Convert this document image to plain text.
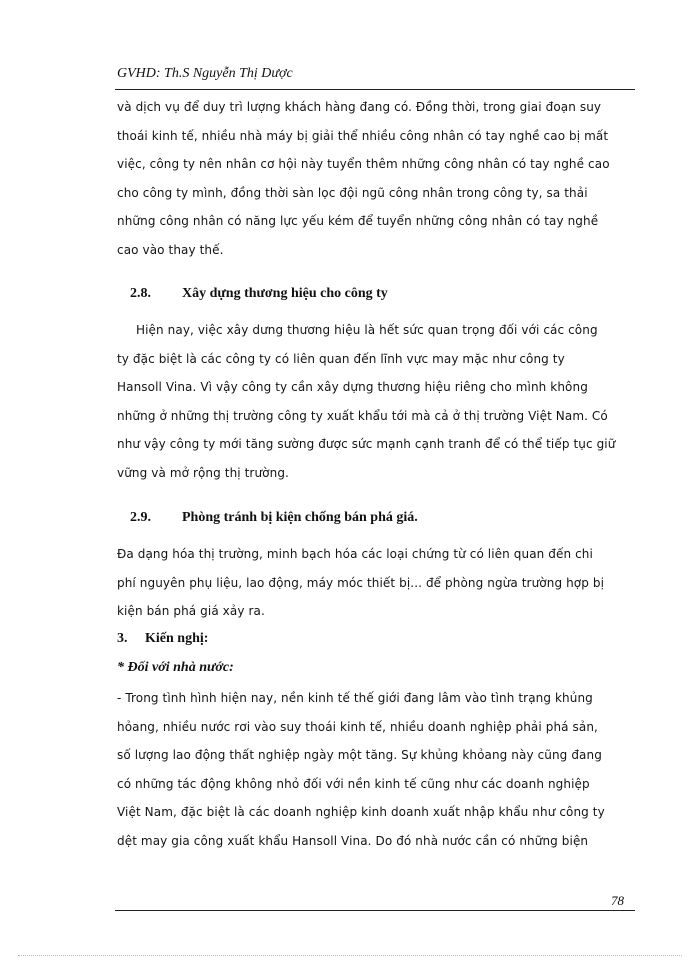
GVHD: Th.S Nguyễn Thị Dược
và dịch vụ để duy trì lượng khách hàng đang có. Đồng thời, trong giai đoạn suy
thoái kinh tế, nhiều nhà máy bị giải thể nhiều công nhân có tay nghề cao bị mất
việc, công ty nên nhân cơ hội này tuyển thêm những công nhân có tay nghề cao
cho công ty mình, đồng thời sàn lọc đội ngũ công nhân trong công ty, sa thải
những công nhân có năng lực yếu kém để tuyển những công nhân có tay nghề
cao vào thay thế.
2.8. Xây dựng thương hiệu cho công ty
Hiện nay, việc xây dưng thương hiệu là hết sức quan trọng đối với các công
ty đặc biệt là các công ty có liên quan đến lĩnh vực may mặc như công ty
Hansoll Vina. Vì vậy công ty cần xây dựng thương hiệu riêng cho mình không
những ở những thị trường công ty xuất khẩu tới mà cả ở thị trường Việt Nam. Có
như vậy công ty mới tăng sường được sức mạnh cạnh tranh để có thể tiếp tục giữ
vững và mở rộng thị trường.
2.9. Phòng tránh bị kiện chống bán phá giá.
Đa dạng hóa thị trường, minh bạch hóa các loại chứng từ có liên quan đến chi
phí nguyên phụ liệu, lao động, máy móc thiết bị... để phòng ngừa trường hợp bị
kiện bán phá giá xảy ra.
3. Kiến nghị:
* Đối với nhà nước:
- Trong tình hình hiện nay, nền kinh tế thế giới đang lâm vào tình trạng khủng
hỏang, nhiều nước rơi vào suy thoái kinh tế, nhiều doanh nghiệp phải phá sản,
số lượng lao động thất nghiệp ngày một tăng. Sự khủng khỏang này cũng đang
có những tác động không nhỏ đối với nền kinh tế cũng như các doanh nghiệp
Việt Nam, đặc biệt là các doanh nghiệp kinh doanh xuất nhập khẩu như công ty
dệt may gia công xuất khẩu Hansoll Vina. Do đó nhà nước cần có những biện
78
